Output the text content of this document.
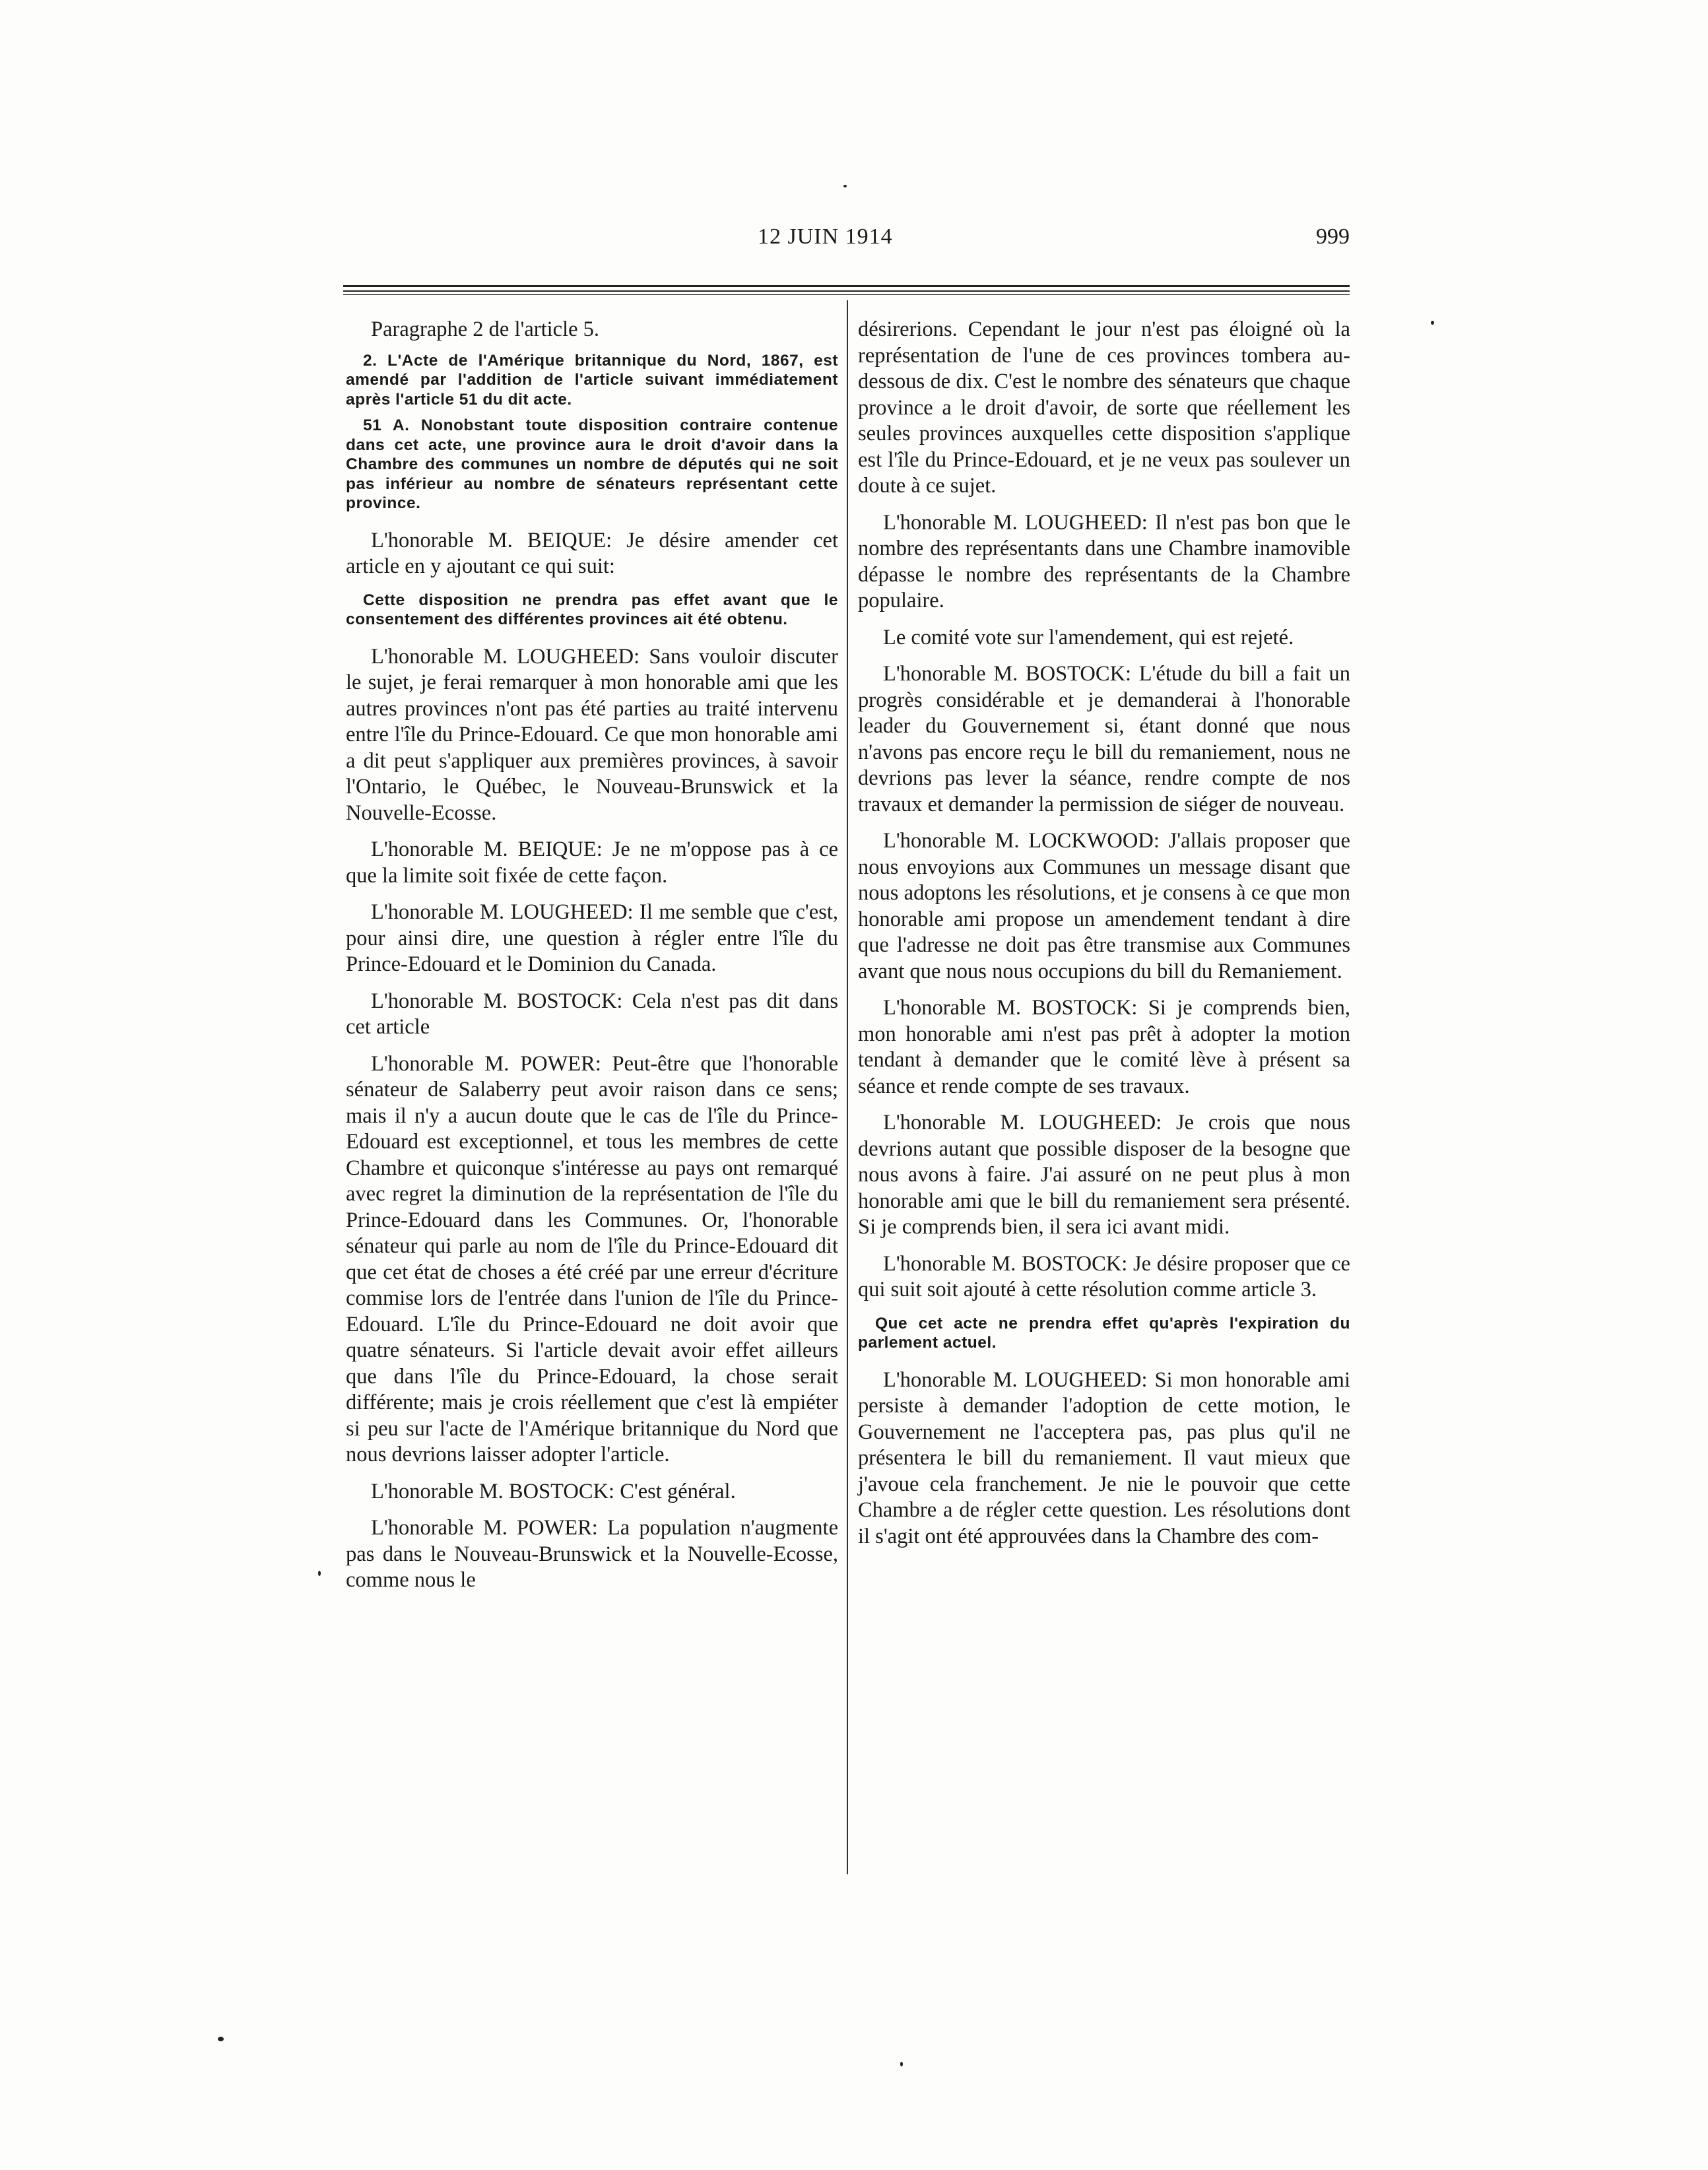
12 JUIN 1914	999

Paragraphe 2 de l'article 5.

2. L'Acte de l'Amérique britannique du Nord, 1867, est amendé par l'addition de l'article suivant immédiatement après l'article 51 du dit acte.

51 A. Nonobstant toute disposition contraire contenue dans cet acte, une province aura le droit d'avoir dans la Chambre des communes un nombre de députés qui ne soit pas inférieur au nombre de sénateurs représentant cette province.

L'honorable M. BEIQUE: Je désire amender cet article en y ajoutant ce qui suit:

Cette disposition ne prendra pas effet avant que le consentement des différentes provinces ait été obtenu.

L'honorable M. LOUGHEED: Sans vouloir discuter le sujet, je ferai remarquer à mon honorable ami que les autres provinces n'ont pas été parties au traité intervenu entre l'île du Prince-Edouard. Ce que mon honorable ami a dit peut s'appliquer aux premières provinces, à savoir l'Ontario, le Québec, le Nouveau-Brunswick et la Nouvelle-Ecosse.

L'honorable M. BEIQUE: Je ne m'oppose pas à ce que la limite soit fixée de cette façon.

L'honorable M. LOUGHEED: Il me semble que c'est, pour ainsi dire, une question à régler entre l'île du Prince-Edouard et le Dominion du Canada.

L'honorable M. BOSTOCK: Cela n'est pas dit dans cet article

L'honorable M. POWER: Peut-être que l'honorable sénateur de Salaberry peut avoir raison dans ce sens; mais il n'y a aucun doute que le cas de l'île du Prince-Edouard est exceptionnel, et tous les membres de cette Chambre et quiconque s'intéresse au pays ont remarqué avec regret la diminution de la représentation de l'île du Prince-Edouard dans les Communes. Or, l'honorable sénateur qui parle au nom de l'île du Prince-Edouard dit que cet état de choses a été créé par une erreur d'écriture commise lors de l'entrée dans l'union de l'île du Prince-Edouard. L'île du Prince-Edouard ne doit avoir que quatre sénateurs. Si l'article devait avoir effet ailleurs que dans l'île du Prince-Edouard, la chose serait différente; mais je crois réellement que c'est là empiéter si peu sur l'acte de l'Amérique britannique du Nord que nous devrions laisser adopter l'article.

L'honorable M. BOSTOCK: C'est général.

L'honorable M. POWER: La population n'augmente pas dans le Nouveau-Brunswick et la Nouvelle-Ecosse, comme nous le

désirerions. Cependant le jour n'est pas éloigné où la représentation de l'une de ces provinces tombera au-dessous de dix. C'est le nombre des sénateurs que chaque province a le droit d'avoir, de sorte que réellement les seules provinces auxquelles cette disposition s'applique est l'île du Prince-Edouard, et je ne veux pas soulever un doute à ce sujet.

L'honorable M. LOUGHEED: Il n'est pas bon que le nombre des représentants dans une Chambre inamovible dépasse le nombre des représentants de la Chambre populaire.

Le comité vote sur l'amendement, qui est rejeté.

L'honorable M. BOSTOCK: L'étude du bill a fait un progrès considérable et je demanderai à l'honorable leader du Gouvernement si, étant donné que nous n'avons pas encore reçu le bill du remaniement, nous ne devrions pas lever la séance, rendre compte de nos travaux et demander la permission de siéger de nouveau.

L'honorable M. LOCKWOOD: J'allais proposer que nous envoyions aux Communes un message disant que nous adoptons les résolutions, et je consens à ce que mon honorable ami propose un amendement tendant à dire que l'adresse ne doit pas être transmise aux Communes avant que nous nous occupions du bill du Remaniement.

L'honorable M. BOSTOCK: Si je comprends bien, mon honorable ami n'est pas prêt à adopter la motion tendant à demander que le comité lève à présent sa séance et rende compte de ses travaux.

L'honorable M. LOUGHEED: Je crois que nous devrions autant que possible disposer de la besogne que nous avons à faire. J'ai assuré on ne peut plus à mon honorable ami que le bill du remaniement sera présenté. Si je comprends bien, il sera ici avant midi.

L'honorable M. BOSTOCK: Je désire proposer que ce qui suit soit ajouté à cette résolution comme article 3.

Que cet acte ne prendra effet qu'après l'expiration du parlement actuel.

L'honorable M. LOUGHEED: Si mon honorable ami persiste à demander l'adoption de cette motion, le Gouvernement ne l'acceptera pas, pas plus qu'il ne présentera le bill du remaniement. Il vaut mieux que j'avoue cela franchement. Je nie le pouvoir que cette Chambre a de régler cette question. Les résolutions dont il s'agit ont été approuvées dans la Chambre des com-
